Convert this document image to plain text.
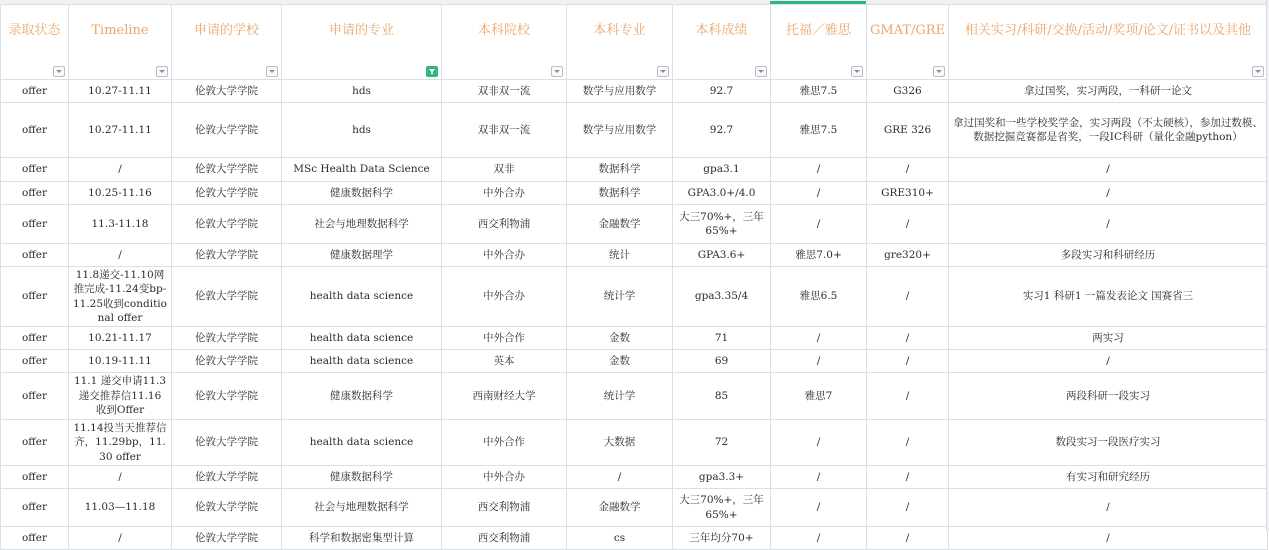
录取状态	Timeline	申请的学校	申请的专业	本科院校	本科专业	本科成绩	托福／雅思	GMAT/GRE	相关实习/科研/交换/活动/奖项/论文/证书以及其他

offer	10.27-11.11	伦敦大学学院	hds	双非双一流	数学与应用数学	92.7	雅思7.5	G326	拿过国奖，实习两段，一科研一论文
offer	10.27-11.11	伦敦大学学院	hds	双非双一流	数学与应用数学	92.7	雅思7.5	GRE 326	拿过国奖和一些学校奖学金，实习两段（不太硬核），参加过数模、数据挖掘竞赛都是省奖，一段IC科研（量化金融python）
offer	/	伦敦大学学院	MSc Health Data Science	双非	数据科学	gpa3.1	/	/	/
offer	10.25-11.16	伦敦大学学院	健康数据科学	中外合办	数据科学	GPA3.0+/4.0	/	GRE310+	/
offer	11.3-11.18	伦敦大学学院	社会与地理数据科学	西交利物浦	金融数学	大三70%+，三年65%+	/	/	/
offer	/	伦敦大学学院	健康数据理学	中外合办	统计	GPA3.6+	雅思7.0+	gre320+	多段实习和科研经历
offer	11.8递交-11.10网推完成-11.24变bp-11.25收到conditional offer	伦敦大学学院	health data science	中外合办	统计学	gpa3.35/4	雅思6.5	/	实习1 科研1 一篇发表论文 国赛省三
offer	10.21-11.17	伦敦大学学院	health data science	中外合作	金数	71	/	/	两实习
offer	10.19-11.11	伦敦大学学院	health data science	英本	金数	69	/	/	/
offer	11.1 递交申请11.3 递交推荐信11.16 收到Offer	伦敦大学学院	健康数据科学	西南财经大学	统计学	85	雅思7	/	两段科研一段实习
offer	11.14投当天推荐信齐，11.29bp，11.30 offer	伦敦大学学院	health data science	中外合作	大数据	72	/	/	数段实习一段医疗实习
offer	/	伦敦大学学院	健康数据科学	中外合办	/	gpa3.3+	/	/	有实习和研究经历
offer	11.03—11.18	伦敦大学学院	社会与地理数据科学	西交利物浦	金融数学	大三70%+，三年65%+	/	/	/
offer	/	伦敦大学学院	科学和数据密集型计算	西交利物浦	cs	三年均分70+	/	/	/
